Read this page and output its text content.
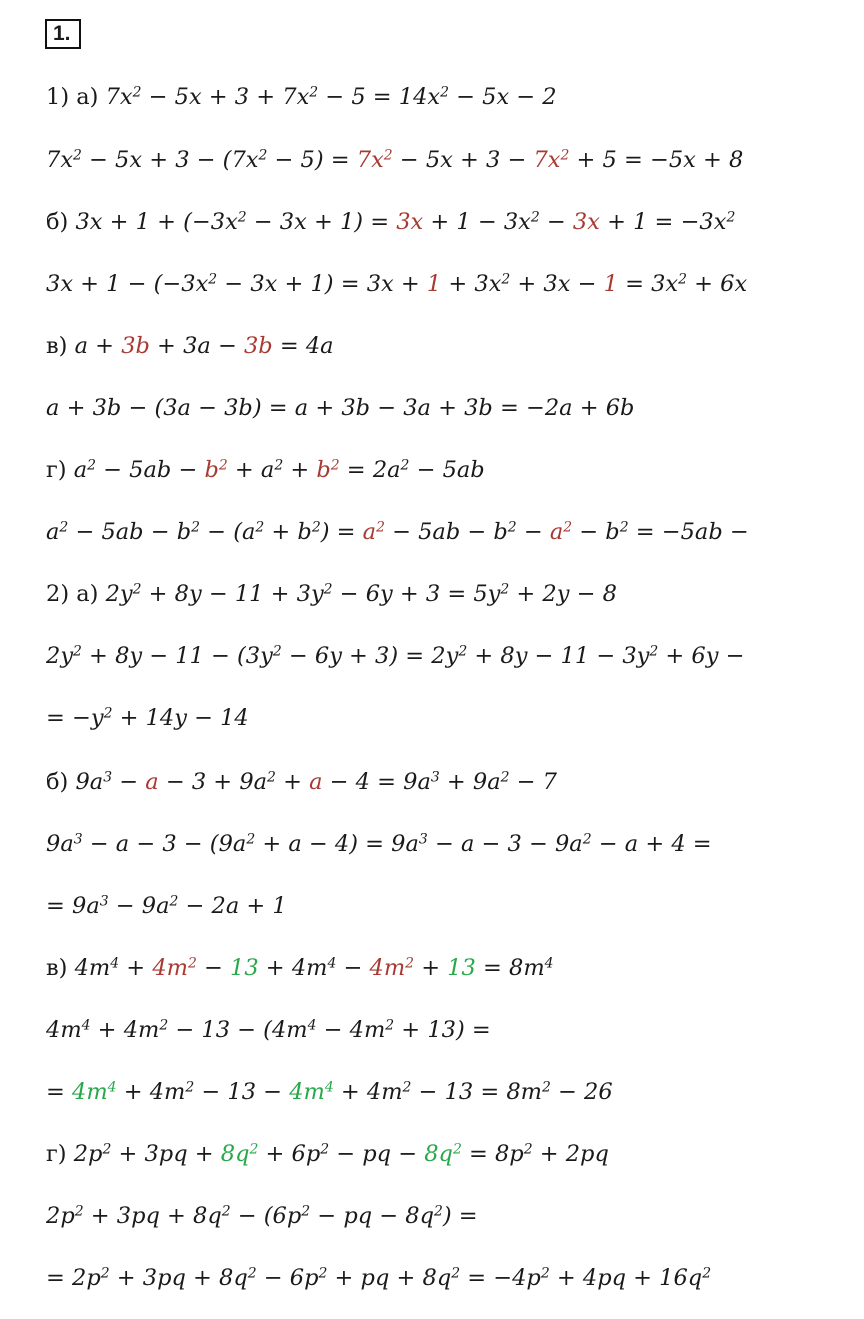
1.
1) а) $7x^2 - 5x + 3 + 7x^2 - 5 = 14x^2 - 5x - 2$
$7x^2 - 5x + 3 - (7x^2 - 5) = 7x^2 - 5x + 3 - 7x^2 + 5 = -5x + 8$
б) $3x + 1 + (-3x^2 - 3x + 1) = 3x + 1 - 3x^2 - 3x + 1 = -3x^2$
$3x + 1 - (-3x^2 - 3x + 1) = 3x + 1 + 3x^2 + 3x - 1 = 3x^2 + 6x$
в) a + 3b + 3a − 3b = 4a
a + 3b − (3a − 3b) = a + 3b − 3a + 3b = −2a + 6b
г) $a^2 - 5ab - b^2 + a^2 + b^2 = 2a^2 - 5ab$
$a^2 - 5ab - b^2 - (a^2 + b^2) = a^2 - 5ab - b^2 - a^2 - b^2 = -5ab$ −
2) а) $2y^2 + 8y - 11 + 3y^2 - 6y + 3 = 5y^2 + 2y - 8$
$2y^2 + 8y - 11 - (3y^2 - 6y + 3) = 2y^2 + 8y - 11 - 3y^2 + 6y$ −
= $-y^2 + 14y - 14$
б) $9a^3 - a - 3 + 9a^2 + a - 4 = 9a^3 + 9a^2 - 7$
$9a^3 - a - 3 - (9a^2 + a - 4) = 9a^3 - a - 3 - 9a^2 - a + 4$ =
= $9a^3 - 9a^2 - 2a + 1$
в) $4m^4 + 4m^2 - 13 + 4m^4 - 4m^2 + 13 = 8m^4$
$4m^4 + 4m^2 - 13 - (4m^4 - 4m^2 + 13)$ =
= $4m^4 + 4m^2 - 13 - 4m^4 + 4m^2 - 13 = 8m^2 - 26$
г) $2p^2 + 3pq + 8q^2 + 6p^2$ − pq − $8q^2 = 8p^2 + 2pq$
$2p^2 + 3pq + 8q^2 - (6p^2$ − pq − $8q^2$) =
= $2p^2 + 3pq + 8q^2 - 6p^2$ + pq + $8q^2 = -4p^2 + 4pq + 16q^2$
